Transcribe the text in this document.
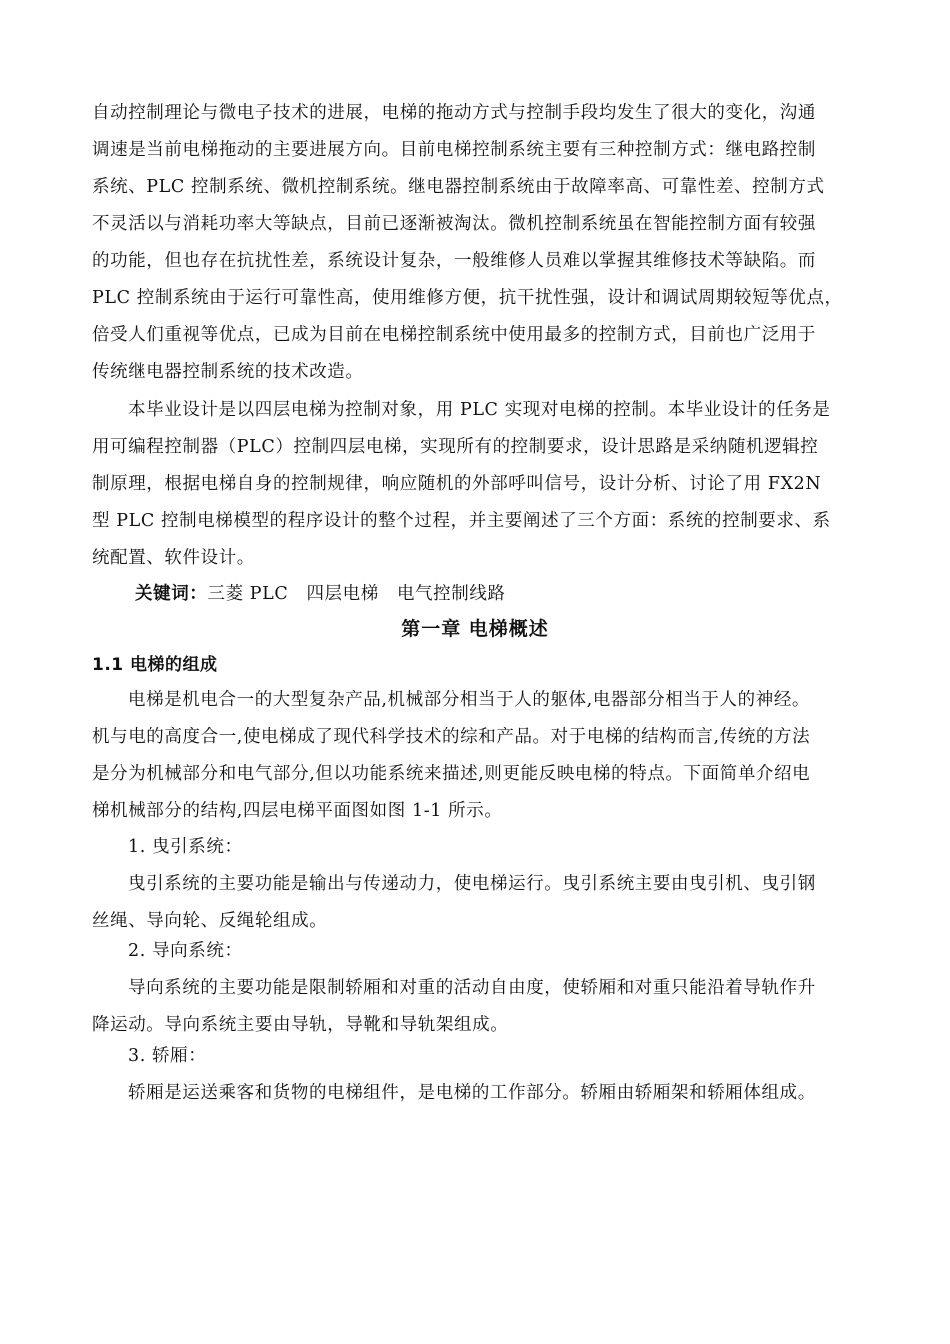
自动控制理论与微电子技术的进展，电梯的拖动方式与控制手段均发生了很大的变化，沟通
调速是当前电梯拖动的主要进展方向。目前电梯控制系统主要有三种控制方式：继电路控制
系统、PLC 控制系统、微机控制系统。继电器控制系统由于故障率高、可靠性差、控制方式
不灵活以与消耗功率大等缺点，目前已逐渐被淘汰。微机控制系统虽在智能控制方面有较强
的功能，但也存在抗扰性差，系统设计复杂，一般维修人员难以掌握其维修技术等缺陷。而
PLC 控制系统由于运行可靠性高，使用维修方便，抗干扰性强，设计和调试周期较短等优点，
倍受人们重视等优点，已成为目前在电梯控制系统中使用最多的控制方式，目前也广泛用于
传统继电器控制系统的技术改造。
本毕业设计是以四层电梯为控制对象，用 PLC 实现对电梯的控制。本毕业设计的任务是
用可编程控制器（PLC）控制四层电梯，实现所有的控制要求，设计思路是采纳随机逻辑控
制原理，根据电梯自身的控制规律，响应随机的外部呼叫信号，设计分析、讨论了用 FX2N
型 PLC 控制电梯模型的程序设计的整个过程，并主要阐述了三个方面：系统的控制要求、系
统配置、软件设计。
关键词：三菱 PLC　四层电梯　电气控制线路
第一章 电梯概述
1.1 电梯的组成
电梯是机电合一的大型复杂产品,机械部分相当于人的躯体,电器部分相当于人的神经。
机与电的高度合一,使电梯成了现代科学技术的综和产品。对于电梯的结构而言,传统的方法
是分为机械部分和电气部分,但以功能系统来描述,则更能反映电梯的特点。下面简单介绍电
梯机械部分的结构,四层电梯平面图如图 1-1 所示。
1. 曳引系统：
曳引系统的主要功能是输出与传递动力，使电梯运行。曳引系统主要由曳引机、曳引钢
丝绳、导向轮、反绳轮组成。
2. 导向系统：
导向系统的主要功能是限制轿厢和对重的活动自由度，使轿厢和对重只能沿着导轨作升
降运动。导向系统主要由导轨，导靴和导轨架组成。
3. 轿厢：
轿厢是运送乘客和货物的电梯组件，是电梯的工作部分。轿厢由轿厢架和轿厢体组成。
